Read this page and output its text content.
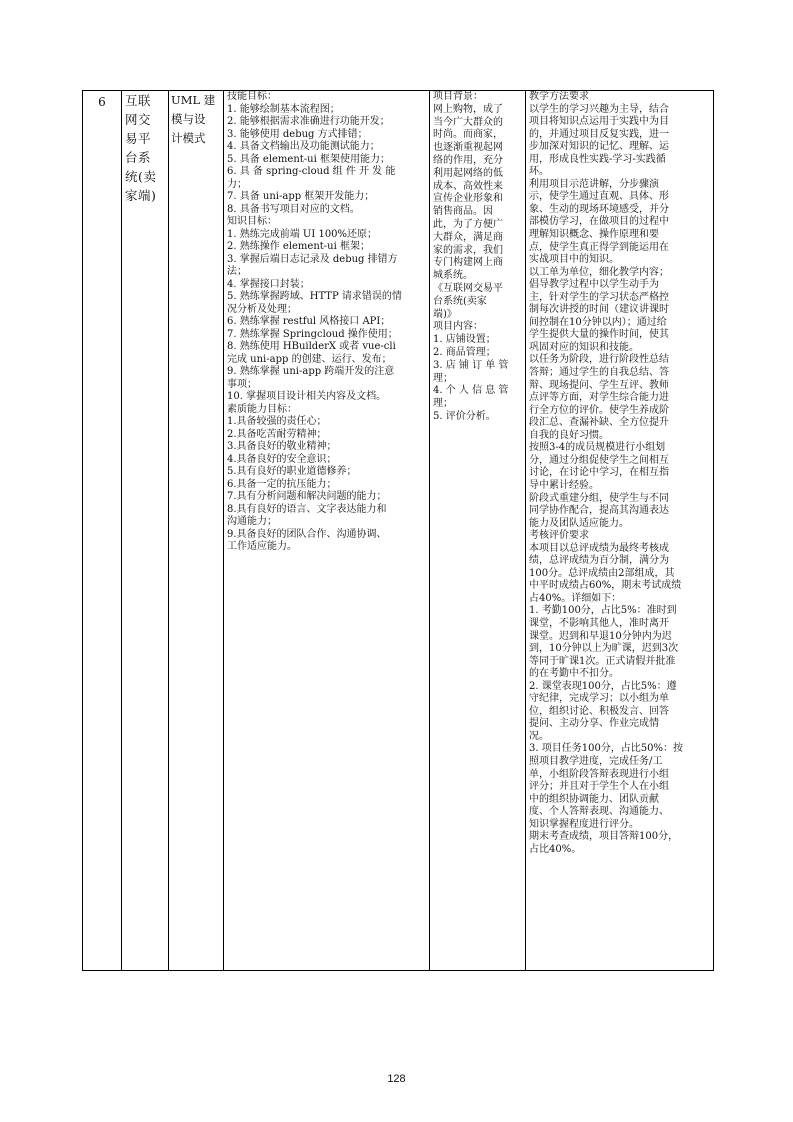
6	互联
网交
易平
台系
统(卖
家端)

UML 建
模与设
计模式

技能目标：
1. 能够绘制基本流程图；
2. 能够根据需求准确进行功能开发；
3. 能够使用 debug 方式排错；
4. 具备文档输出及功能测试能力；
5. 具备 element-ui 框架使用能力；
6. 具 备 spring-cloud 组 件 开 发 能
力；
7. 具备 uni-app 框架开发能力；
8. 具备书写项目对应的文档。
知识目标：
1. 熟练完成前端 UI 100%还原；
2. 熟练操作 element-ui 框架；
3. 掌握后端日志记录及 debug 排错方
法；
4. 掌握接口封装；
5. 熟练掌握跨域、HTTP 请求错误的情
况分析及处理；
6. 熟练掌握 restful 风格接口 API；
7. 熟练掌握 Springcloud 操作使用；
8. 熟练使用 HBuilderX 或者 vue-cli
完成 uni-app 的创建、运行、发布；
9. 熟练掌握 uni-app 跨端开发的注意
事项；
10. 掌握项目设计相关内容及文档。
素质能力目标：
1.具备较强的责任心；
2.具备吃苦耐劳精神；
3.具备良好的敬业精神；
4.具备良好的安全意识；
5.具有良好的职业道德修养；
6.具备一定的抗压能力；
7.具有分析问题和解决问题的能力；
8.具有良好的语言、文字表达能力和
沟通能力；
9.具备良好的团队合作、沟通协调、
工作适应能力。

项目背景：
网上购物，成了
当今广大群众的
时尚。而商家，
也逐渐重视起网
络的作用，充分
利用起网络的低
成本、高效性来
宣传企业形象和
销售商品。因
此，为了方便广
大群众，满足商
家的需求，我们
专门构建网上商
城系统。
《互联网交易平
台系统(卖家
端)》
项目内容：
1. 店铺设置；
2. 商品管理；
3. 店 铺 订 单 管
理；
4. 个 人 信 息 管
理；
5. 评价分析。

教学方法要求
以学生的学习兴趣为主导，结合
项目将知识点运用于实践中为目
的，并通过项目反复实践，进一
步加深对知识的记忆、理解、运
用，形成良性实践-学习-实践循
环。
利用项目示范讲解，分步骤演
示，使学生通过直观、具体、形
象、生动的现场环境感受，并分
部模仿学习，在做项目的过程中
理解知识概念、操作原理和要
点，使学生真正得学到能运用在
实战项目中的知识。
以工单为单位，细化教学内容；
倡导教学过程中以学生动手为
主，针对学生的学习状态严格控
制每次讲授的时间（建议讲课时
间控制在10分钟以内）；通过给
学生提供大量的操作时间，使其
巩固对应的知识和技能。
以任务为阶段，进行阶段性总结
答辩；通过学生的自我总结、答
辩、现场提问、学生互评、教师
点评等方面，对学生综合能力进
行全方位的评价。使学生养成阶
段汇总、查漏补缺、全方位提升
自我的良好习惯。
按照3-4的成员规模进行小组划
分，通过分组促使学生之间相互
讨论，在讨论中学习，在相互指
导中累计经验。
阶段式重建分组，使学生与不同
同学协作配合，提高其沟通表达
能力及团队适应能力。
考核评价要求
本项目以总评成绩为最终考核成
绩，总评成绩为百分制，满分为
100分。总评成绩由2部组成，其
中平时成绩占60%，期末考试成绩
占40%。详细如下：
1. 考勤100分，占比5%：准时到
课堂，不影响其他人，准时离开
课堂。迟到和早退10分钟内为迟
到，10分钟以上为旷课，迟到3次
等同于旷课1次。正式请假并批准
的在考勤中不扣分。
2. 课堂表现100分，占比5%：遵
守纪律，完成学习；以小组为单
位，组织讨论、积极发言、回答
提问、主动分享、作业完成情
况。
3. 项目任务100分，占比50%：按
照项目教学进度，完成任务/工
单，小组阶段答辩表现进行小组
评分；并且对于学生个人在小组
中的组织协调能力、团队贡献
度、个人答辩表现、沟通能力、
知识掌握程度进行评分。
期末考查成绩，项目答辩100分，
占比40%。
128
